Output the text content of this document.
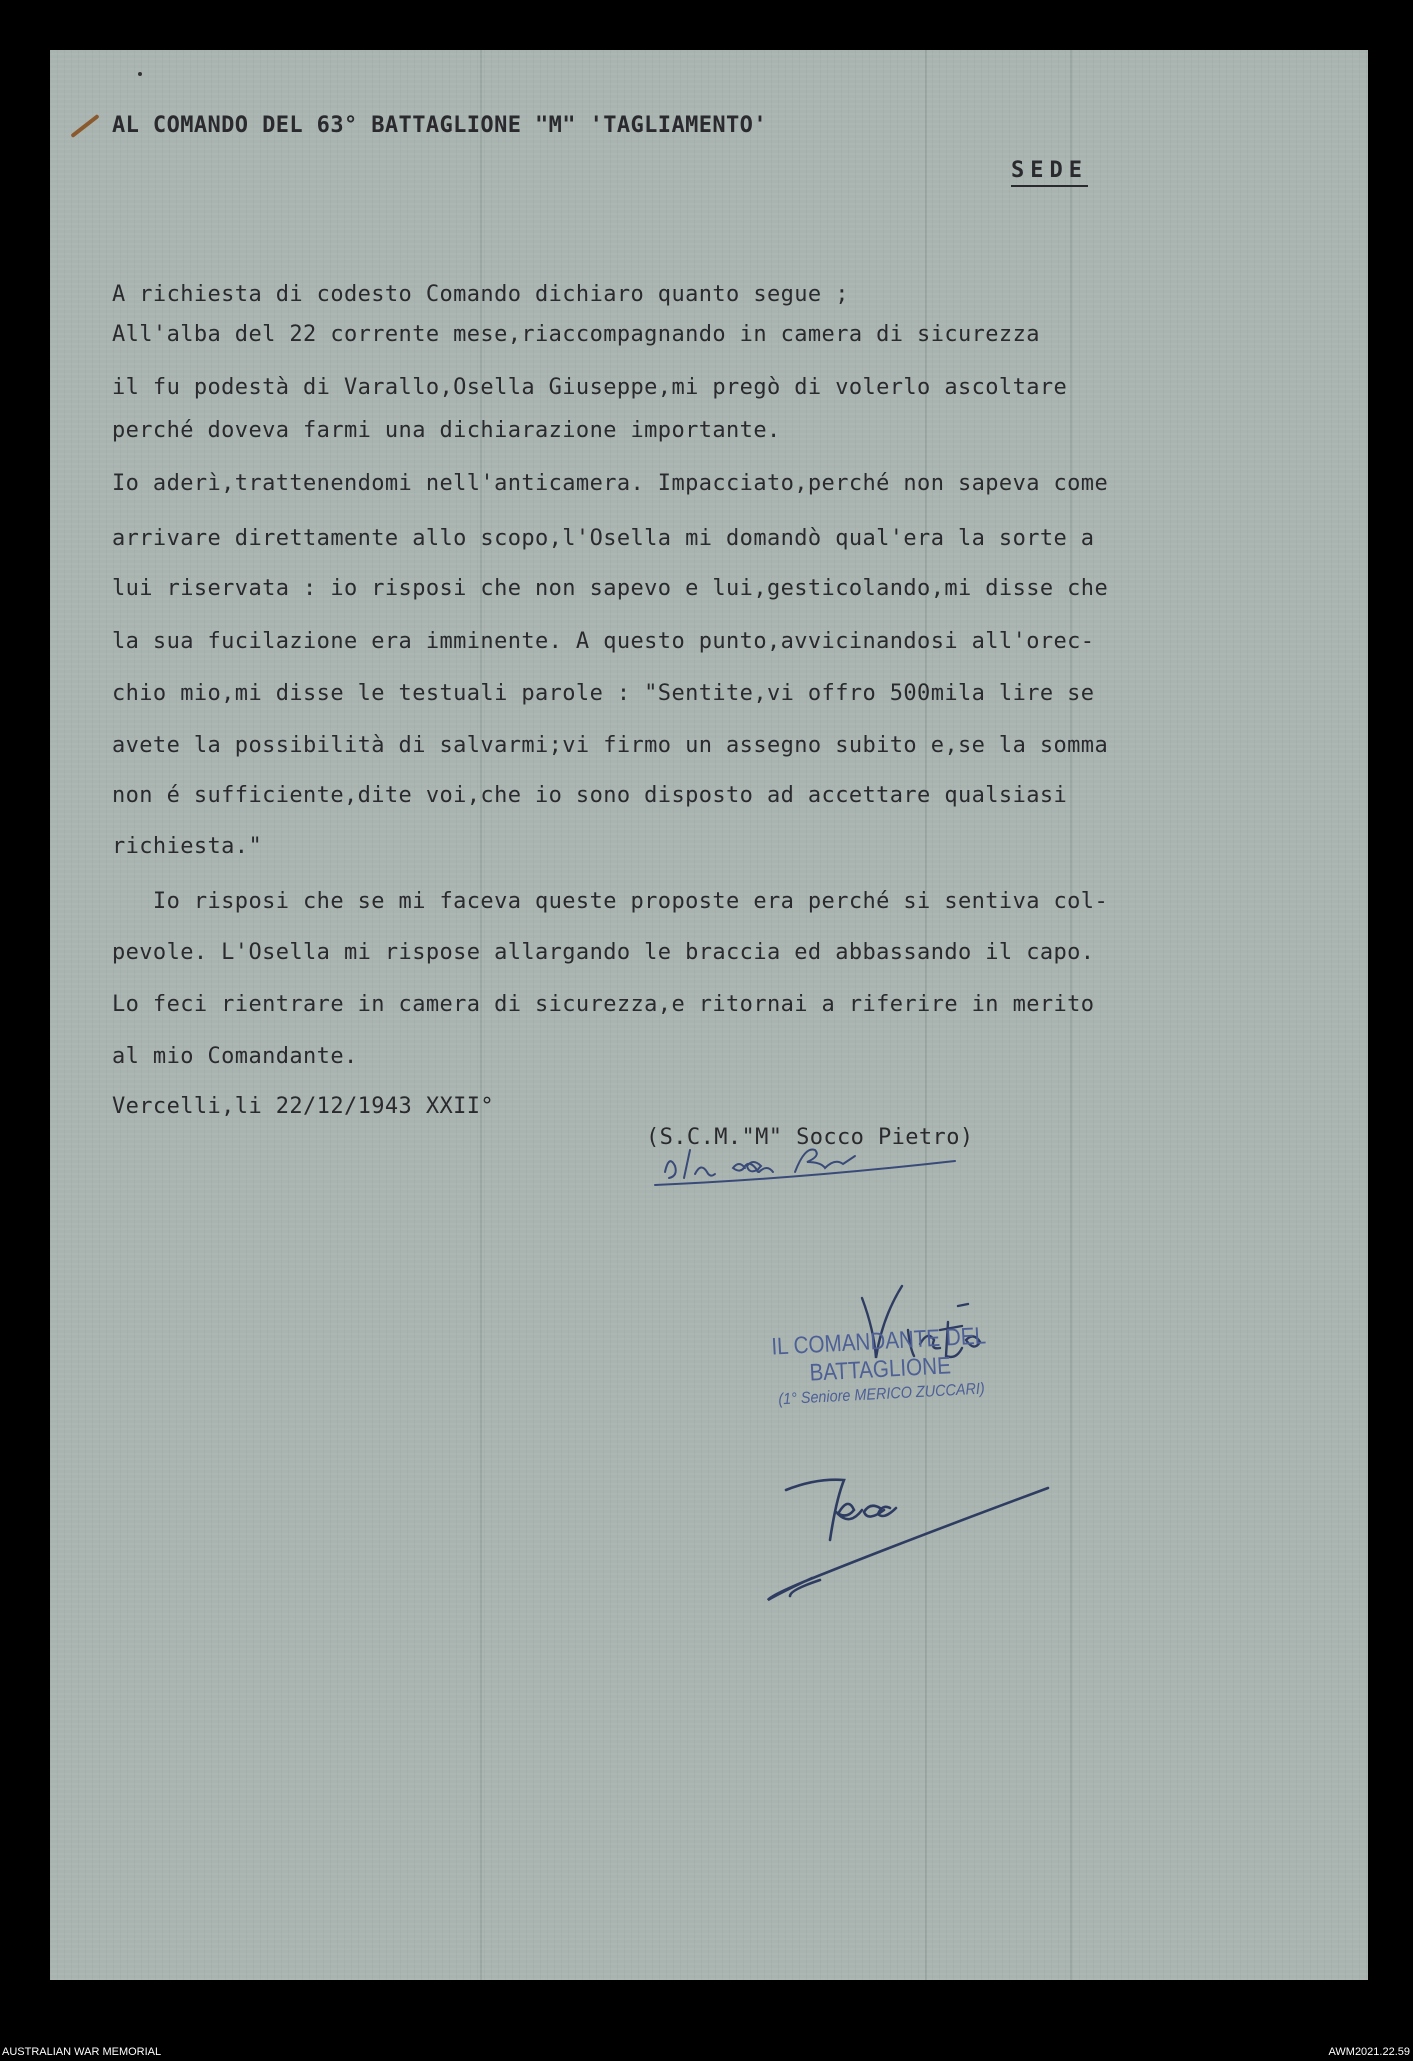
AL COMANDO DEL 63° BATTAGLIONE "M" 'TAGLIAMENTO'
SEDE
A richiesta di codesto Comando dichiaro quanto segue ;
All'alba del 22 corrente mese,riaccompagnando in camera di sicurezza
il fu podestà di Varallo,Osella Giuseppe,mi pregò di volerlo ascoltare
perché doveva farmi una dichiarazione importante.
Io aderì,trattenendomi nell'anticamera. Impacciato,perché non sapeva come
arrivare direttamente allo scopo,l'Osella mi domandò qual'era la sorte a
lui riservata : io risposi che non sapevo e lui,gesticolando,mi disse che
la sua fucilazione era imminente. A questo punto,avvicinandosi all'orec-
chio mio,mi disse le testuali parole : "Sentite,vi offro 500mila lire se
avete la possibilità di salvarmi;vi firmo un assegno subito e,se la somma
non é sufficiente,dite voi,che io sono disposto ad accettare qualsiasi
richiesta."
Io risposi che se mi faceva queste proposte era perché si sentiva col-
pevole. L'Osella mi rispose allargando le braccia ed abbassando il capo.
Lo feci rientrare in camera di sicurezza,e ritornai a riferire in merito
al mio Comandante.
Vercelli,li 22/12/1943 XXII°
(S.C.M."M" Socco Pietro)
IL COMANDANTE DEL BATTAGLIONE
(1° Seniore MERICO ZUCCARI)
AUSTRALIAN WAR MEMORIAL	AWM2021.22.59
